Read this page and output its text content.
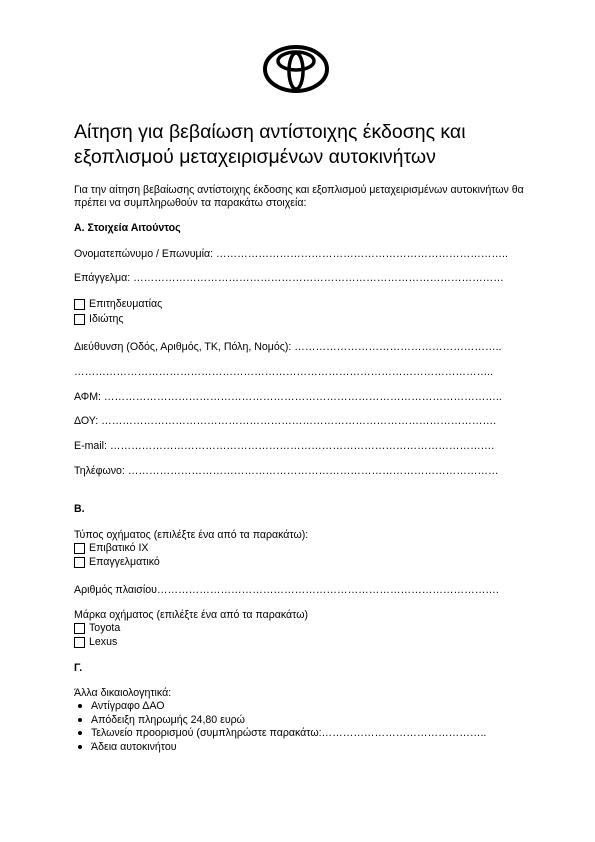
Αίτηση για βεβαίωση αντίστοιχης έκδοσης και εξοπλισμού μεταχειρισμένων αυτοκινήτων
Για την αίτηση βεβαίωσης αντίστοιχης έκδοσης και εξοπλισμού μεταχειρισμένων αυτοκινήτων θα πρέπει να συμπληρωθούν τα παρακάτω στοιχεία:
Α. Στοιχεία Αιτούντος
Ονοματεπώνυμο / Επωνυμία: ………………………………………………………………………..
Επάγγελμα: ……………………………………………………………………………………………
Επιτηδευματίας
Ιδιώτης
Διεύθυνση (Οδός, Αριθμός, ΤΚ, Πόλη, Νομός): …………………………………………………..
………………………………………………………………………………………………………..
ΑΦΜ: …………………………………………………………………………………………………..
ΔΟΥ: ………………………………………………………………………………………………….
E-mail: ……………………………………………………………………………………………….
Τηλέφωνο: ……………………………………………………………………………………………
Β.
Τύπος οχήματος (επιλέξτε ένα από τα παρακάτω):
Επιβατικό ΙΧ
Επαγγελματικό
Αριθμός πλαισίου…………………………………………………………………………………….
Μάρκα οχήματος (επιλέξτε ένα από τα παρακάτω)
Toyota
Lexus
Γ.
Άλλα δικαιολογητικά:
Αντίγραφο ΔΑΟ
Απόδειξη πληρωμής 24,80 ευρώ
Τελωνείο προορισμού (συμπληρώστε παρακάτω:………………………………………..
Άδεια αυτοκινήτου
